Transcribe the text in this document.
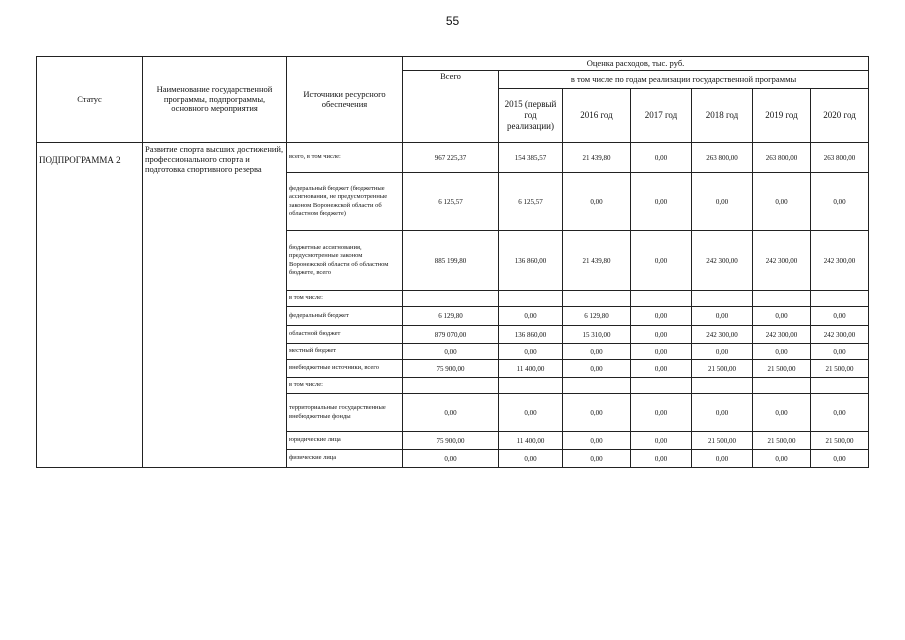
55
Статус	Наименование государственной программы, подпрограммы, основного мероприятия	Источники ресурсного обеспечения	Оценка расходов, тыс. руб.						
			Всего	в том числе по годам реализации государственной программы					
				2015 (первый год реализации)	2016 год	2017 год	2018 год	2019 год	2020 год
ПОДПРОГРАММА 2	Развитие спорта высших достижений, профессионального спорта и подготовка спортивного резерва	всего, в том числе:	967 225,37	154 385,57	21 439,80	0,00	263 800,00	263 800,00	263 800,00
		федеральный бюджет (бюджетные ассигнования, не предусмотренные законом Воронежской области об областном бюджете)	6 125,57	6 125,57	0,00	0,00	0,00	0,00	0,00
		бюджетные ассигнования, предусмотренные законом Воронежской области об областном бюджете, всего	885 199,80	136 860,00	21 439,80	0,00	242 300,00	242 300,00	242 300,00
		в том числе:							
		федеральный бюджет	6 129,80	0,00	6 129,80	0,00	0,00	0,00	0,00
		областной бюджет	879 070,00	136 860,00	15 310,00	0,00	242 300,00	242 300,00	242 300,00
		местный бюджет	0,00	0,00	0,00	0,00	0,00	0,00	0,00
		внебюджетные источники, всего	75 900,00	11 400,00	0,00	0,00	21 500,00	21 500,00	21 500,00
		в том числе:							
		территориальные государственные внебюджетные фонды	0,00	0,00	0,00	0,00	0,00	0,00	0,00
		юридические лица	75 900,00	11 400,00	0,00	0,00	21 500,00	21 500,00	21 500,00
		физические лица	0,00	0,00	0,00	0,00	0,00	0,00	0,00
